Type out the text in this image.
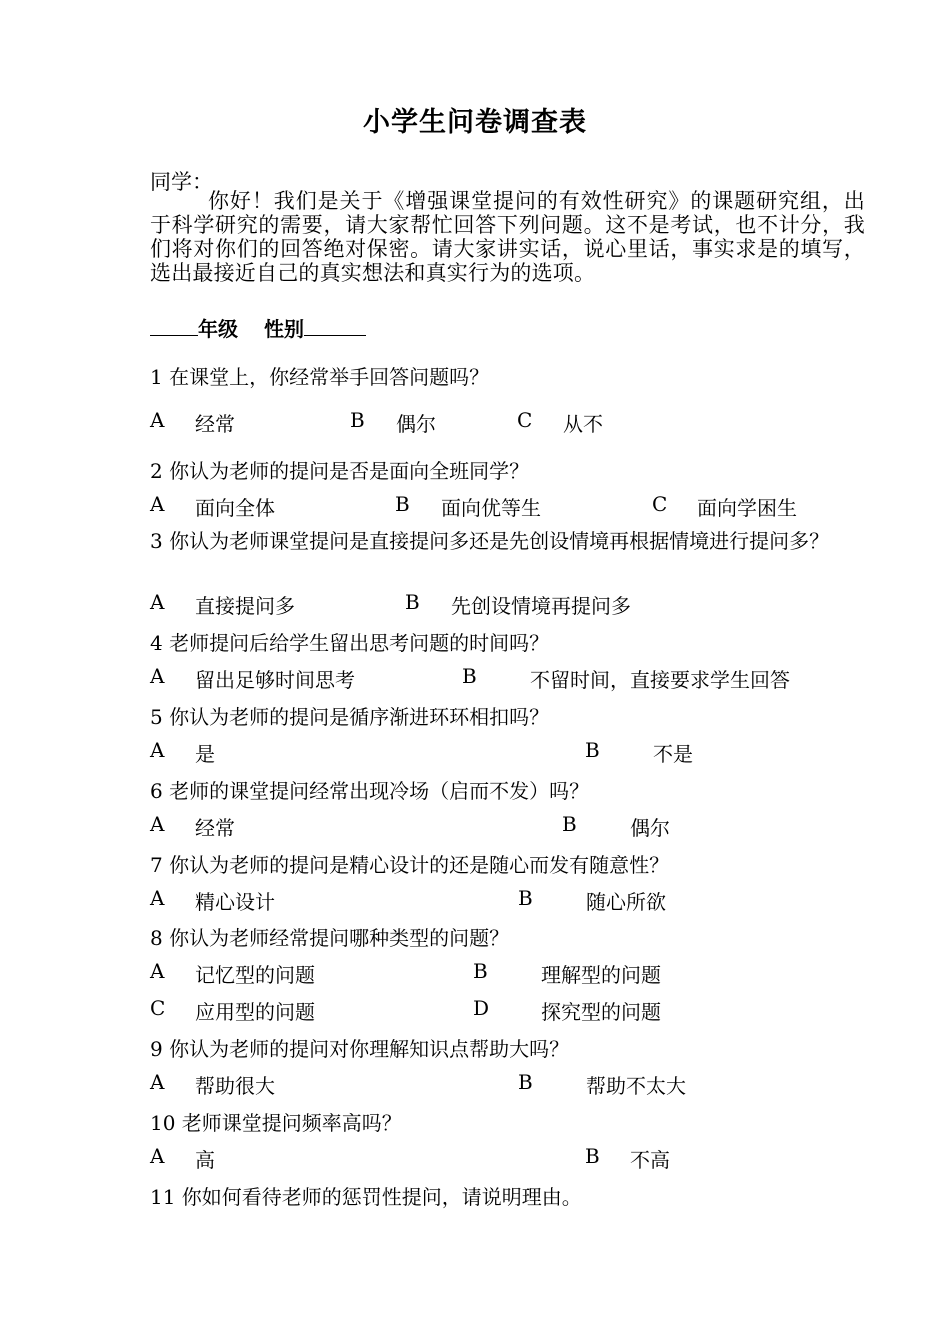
小学生问卷调查表
同学：
你好！我们是关于《增强课堂提问的有效性研究》的课题研究组，出于科学研究的需要，请大家帮忙回答下列问题。这不是考试，也不计分，我们将对你们的回答绝对保密。请大家讲实话，说心里话，事实求是的填写，选出最接近自己的真实想法和真实行为的选项。
年级 性别
1 在课堂上，你经常举手回答问题吗？
A 经常	B 偶尔	C 从不
2 你认为老师的提问是否是面向全班同学？
A 面向全体	B 面向优等生	C 面向学困生
3 你认为老师课堂提问是直接提问多还是先创设情境再根据情境进行提问多？
A 直接提问多	B 先创设情境再提问多
4 老师提问后给学生留出思考问题的时间吗？
A 留出足够时间思考	B	不留时间，直接要求学生回答
5 你认为老师的提问是循序渐进环环相扣吗？
A 是	B	不是
6 老师的课堂提问经常出现冷场（启而不发）吗？
A 经常	B	偶尔
7 你认为老师的提问是精心设计的还是随心而发有随意性？
A 精心设计	B	随心所欲
8 你认为老师经常提问哪种类型的问题？
A 记忆型的问题	B	理解型的问题
C 应用型的问题	D	探究型的问题
9 你认为老师的提问对你理解知识点帮助大吗？
A 帮助很大	B	帮助不太大
10 老师课堂提问频率高吗？
A 高	B 不高
11 你如何看待老师的惩罚性提问，请说明理由。
